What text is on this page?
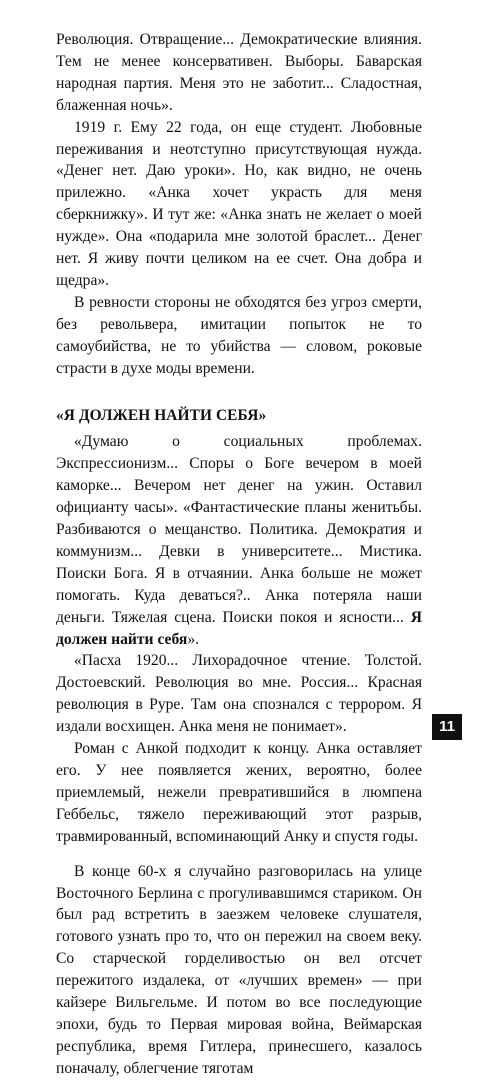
Революция. Отвращение... Демократические влияния. Тем не менее консервативен. Выборы. Баварская народная партия. Меня это не заботит... Сладостная, блаженная ночь».

1919 г. Ему 22 года, он еще студент. Любовные переживания и неотступно присутствующая нужда. «Денег нет. Даю уроки». Но, как видно, не очень прилежно. «Анка хочет украсть для меня сберкнижку». И тут же: «Анка знать не желает о моей нужде». Она «подарила мне золотой браслет... Денег нет. Я живу почти целиком на ее счет. Она добра и щедра».

В ревности стороны не обходятся без угроз смерти, без револьвера, имитации попыток не то самоубийства, не то убийства — словом, роковые страсти в духе моды времени.

«Я ДОЛЖЕН НАЙТИ СЕБЯ»

«Думаю о социальных проблемах. Экспрессионизм... Споры о Боге вечером в моей каморке... Вечером нет денег на ужин. Оставил официанту часы». «Фантастические планы женитьбы. Разбиваются о мещанство. Политика. Демократия и коммунизм... Девки в университете... Мистика. Поиски Бога. Я в отчаянии. Анка больше не может помогать. Куда деваться?.. Анка потеряла наши деньги. Тяжелая сцена. Поиски покоя и ясности... Я должен найти себя».

«Пасха 1920... Лихорадочное чтение. Толстой. Достоевский. Революция во мне. Россия... Красная революция в Руре. Там она спознался с террором. Я издали восхищен. Анка меня не понимает».

Роман с Анкой подходит к концу. Анка оставляет его. У нее появляется жених, вероятно, более приемлемый, нежели превратившийся в люмпена Геббельс, тяжело переживающий этот разрыв, травмированный, вспоминающий Анку и спустя годы.

В конце 60-х я случайно разговорилась на улице Восточного Берлина с прогуливавшимся стариком. Он был рад встретить в заезжем человеке слушателя, готового узнать про то, что он пережил на своем веку. Со старческой горделивостью он вел отсчет пережитого издалека, от «лучших времен» — при кайзере Вильгельме. И потом во все последующие эпохи, будь то Первая мировая война, Веймарская республика, время Гитлера, принесшего, казалось поначалу, облегчение тяготам

11
